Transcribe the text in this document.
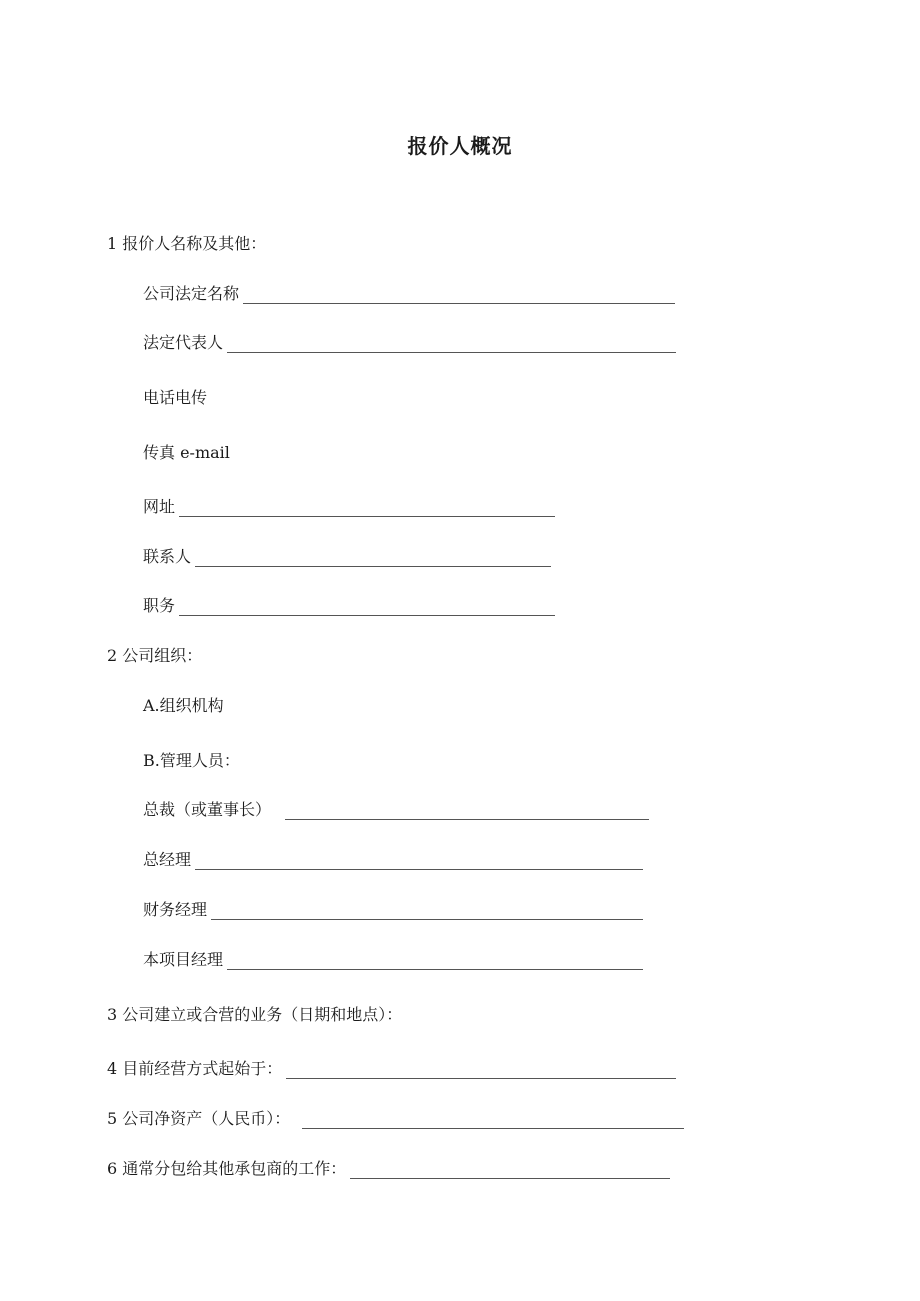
报价人概况
1 报价人名称及其他：
公司法定名称
法定代表人
电话电传
传真 e-mail
网址
联系人
职务
2 公司组织：
A.组织机构
B.管理人员：
总裁（或董事长）
总经理
财务经理
本项目经理
3 公司建立或合营的业务（日期和地点）：
4 目前经营方式起始于：
5 公司净资产（人民币）：
6 通常分包给其他承包商的工作：
